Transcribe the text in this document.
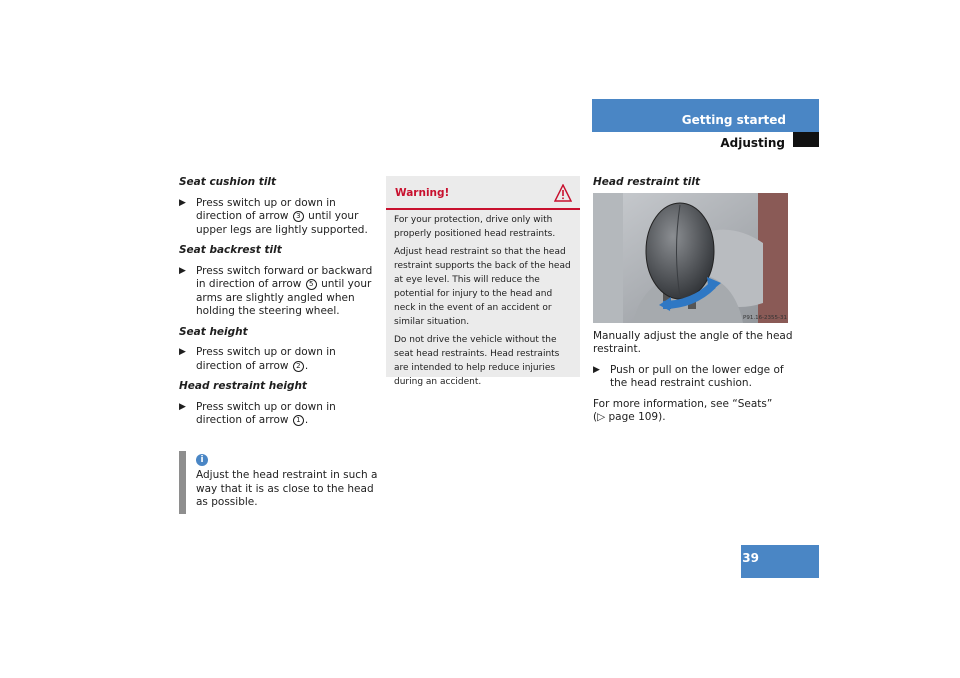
Getting started
Adjusting

Seat cushion tilt

▶ Press switch up or down in direction of arrow 3 until your upper legs are lightly supported.

Seat backrest tilt

▶ Press switch forward or backward in direction of arrow 5 until your arms are slightly angled when holding the steering wheel.

Seat height

▶ Press switch up or down in direction of arrow 2 .

Head restraint height

▶ Press switch up or down in direction of arrow 1 .
i
Adjust the head restraint in such a way that it is as close to the head as possible.
Warning!

For your protection, drive only with properly positioned head restraints.

Adjust head restraint so that the head restraint supports the back of the head at eye level. This will reduce the potential for injury to the head and neck in the event of an accident or similar situation.

Do not drive the vehicle without the seat head restraints. Head restraints are intended to help reduce injuries during an accident.

Head restraint tilt

Manually adjust the angle of the head restraint.

▶ Push or pull on the lower edge of the head restraint cushion.

For more information, see “Seats”
(▷ page 109).

P91.16-2355-31
39
